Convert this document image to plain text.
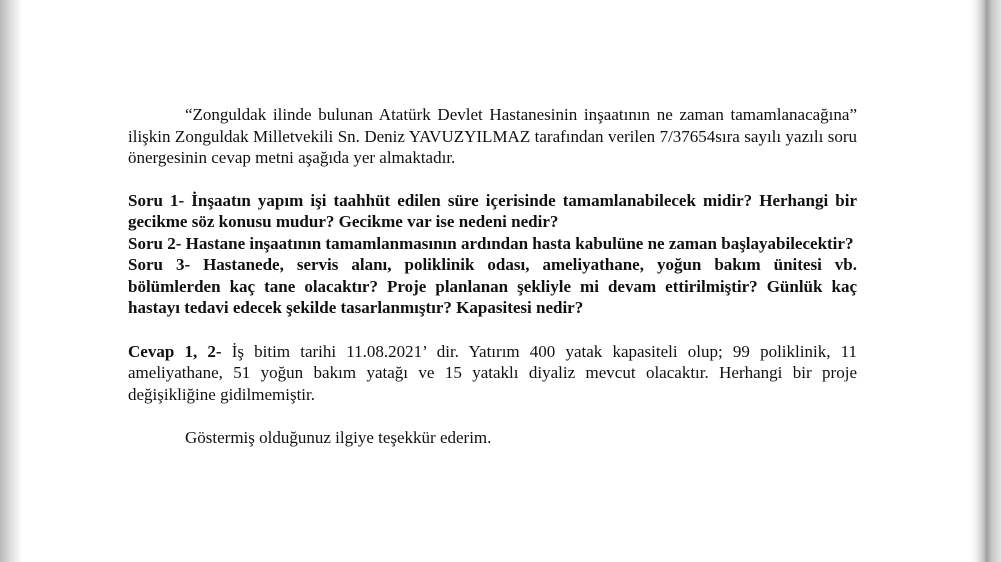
“Zonguldak ilinde bulunan Atatürk Devlet Hastanesinin inşaatının ne zaman tamamlanacağına” ilişkin Zonguldak Milletvekili Sn. Deniz YAVUZYILMAZ tarafından verilen 7/37654sıra sayılı yazılı soru önergesinin cevap metni aşağıda yer almaktadır.

Soru 1- İnşaatın yapım işi taahhüt edilen süre içerisinde tamamlanabilecek midir? Herhangi bir gecikme söz konusu mudur? Gecikme var ise nedeni nedir?

Soru 2- Hastane inşaatının tamamlanmasının ardından hasta kabulüne ne zaman başlayabilecektir?

Soru 3- Hastanede, servis alanı, poliklinik odası, ameliyathane, yoğun bakım ünitesi vb. bölümlerden kaç tane olacaktır? Proje planlanan şekliyle mi devam ettirilmiştir? Günlük kaç hastayı tedavi edecek şekilde tasarlanmıştır? Kapasitesi nedir?

Cevap 1, 2- İş bitim tarihi 11.08.2021’ dir. Yatırım 400 yatak kapasiteli olup; 99 poliklinik, 11 ameliyathane, 51 yoğun bakım yatağı ve 15 yataklı diyaliz mevcut olacaktır. Herhangi bir proje değişikliğine gidilmemiştir.

Göstermiş olduğunuz ilgiye teşekkür ederim.
